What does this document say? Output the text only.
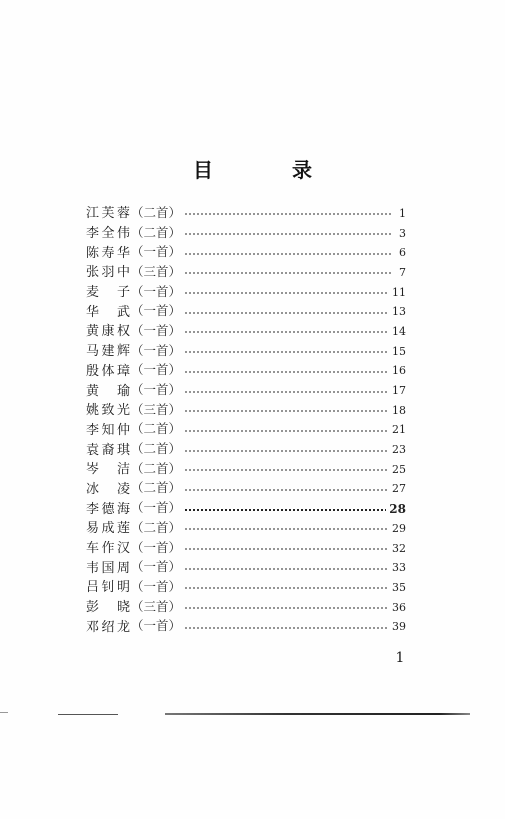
目 录
江芙蓉 （二首）	1
李全伟 （二首）	3
陈寿华 （一首）	6
张羽中 （三首）	7
麦　子 （一首）	11
华　武 （一首）	13
黄康权 （一首）	14
马建辉 （一首）	15
殷体璋 （一首）	16
黄　瑜 （一首）	17
姚致光 （三首）	18
李知仲 （二首）	21
袁裔琪 （二首）	23
岑　洁 （二首）	25
冰　凌 （二首）	27
李德海 （一首）	28
易成莲 （二首）	29
车作汉 （一首）	32
韦国周 （一首）	33
吕钊明 （一首）	35
彭　晓 （三首）	36
邓绍龙 （一首）	39
1
